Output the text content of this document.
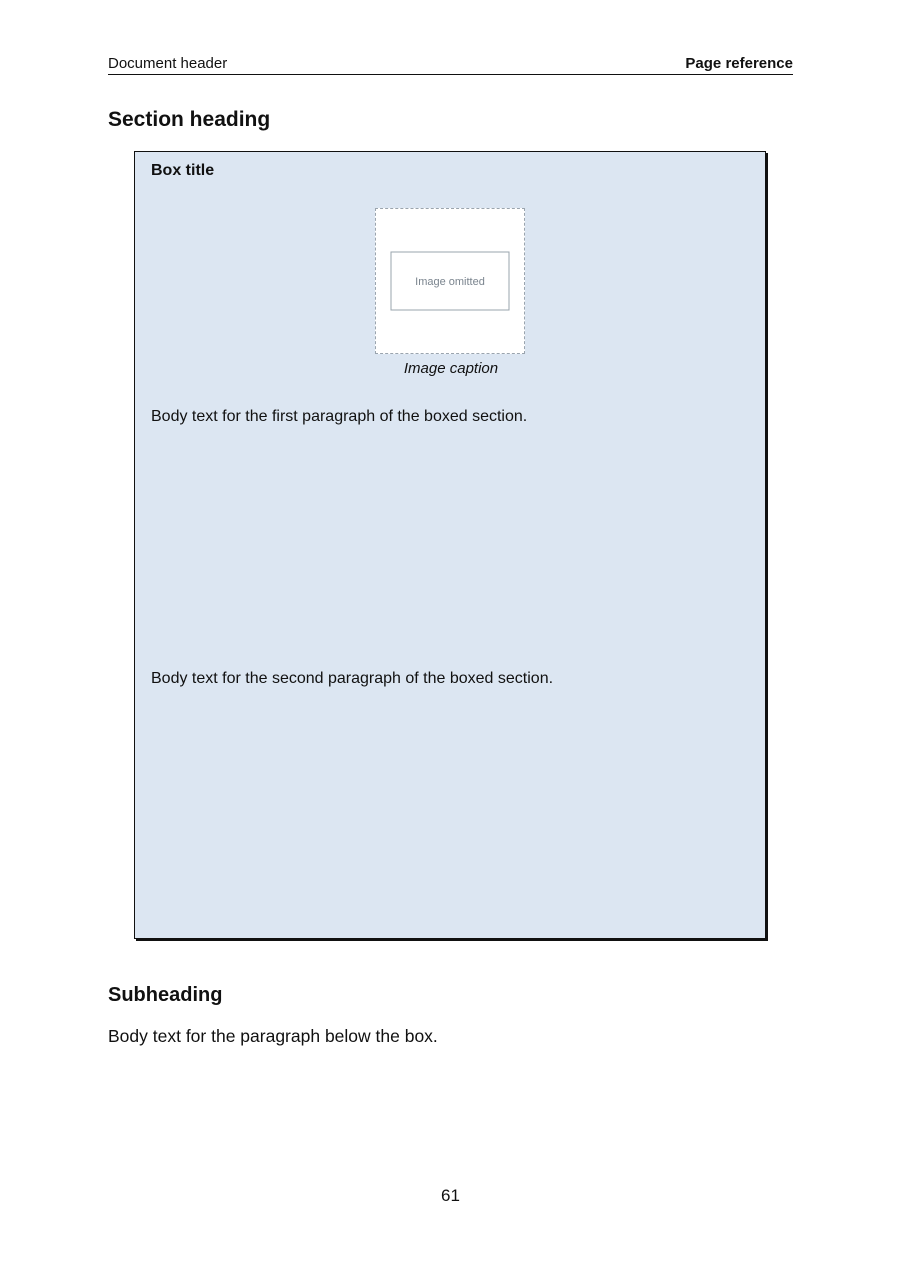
Document header	Page reference
Section heading
Box title
Image omitted
Image caption

Body text for the first paragraph of the boxed section.

Body text for the second paragraph of the boxed section.

Subheading

Body text for the paragraph below the box.

61
